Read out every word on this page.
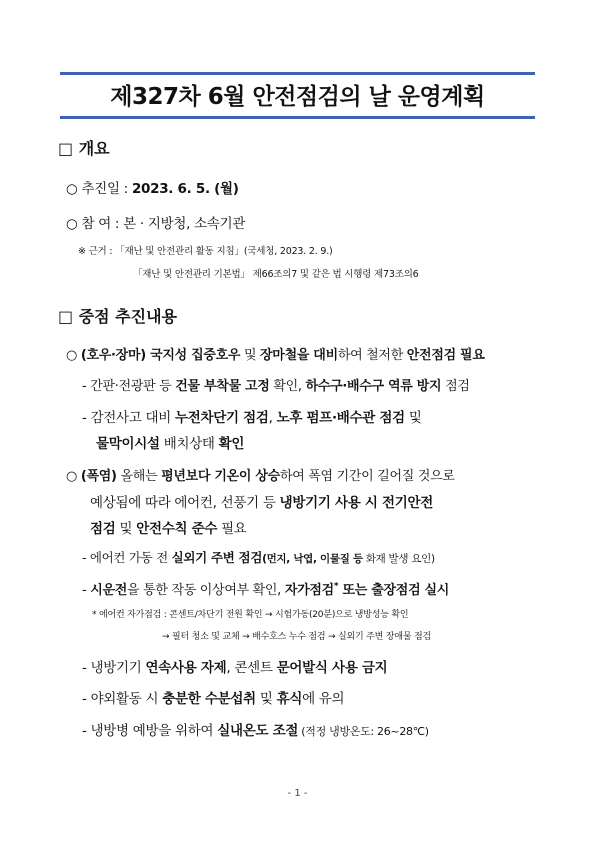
제327차 6월 안전점검의 날 운영계획
□ 개요
○ 추진일 : 2023. 6. 5. (월)
○ 참 여 : 본 · 지방청, 소속기관
※ 근거 : 「재난 및 안전관리 활동 지침」(국세청, 2023. 2. 9.)
「재난 및 안전관리 기본법」 제66조의7 및 같은 법 시행령 제73조의6
□ 중점 추진내용
○ (호우·장마) 국지성 집중호우 및 장마철을 대비하여 철저한 안전점검 필요
- 간판·전광판 등 건물 부착물 고정 확인, 하수구·배수구 역류 방지 점검
- 감전사고 대비 누전차단기 점검, 노후 펌프·배수관 점검 및
물막이시설 배치상태 확인
○ (폭염) 올해는 평년보다 기온이 상승하여 폭염 기간이 길어질 것으로
예상됨에 따라 에어컨, 선풍기 등 냉방기기 사용 시 전기안전
점검 및 안전수칙 준수 필요
- 에어컨 가동 전 실외기 주변 점검(먼지, 낙엽, 이물질 등 화재 발생 요인)
- 시운전을 통한 작동 이상여부 확인, 자가점검* 또는 출장점검 실시
* 에어컨 자가점검 : 콘센트/차단기 전원 확인 → 시험가동(20분)으로 냉방성능 확인
→ 필터 청소 및 교체 → 배수호스 누수 점검 → 실외기 주변 장애물 점검
- 냉방기기 연속사용 자제, 콘센트 문어발식 사용 금지
- 야외활동 시 충분한 수분섭취 및 휴식에 유의
- 냉방병 예방을 위하여 실내온도 조절 (적정 냉방온도: 26~28℃)
- 1 -
